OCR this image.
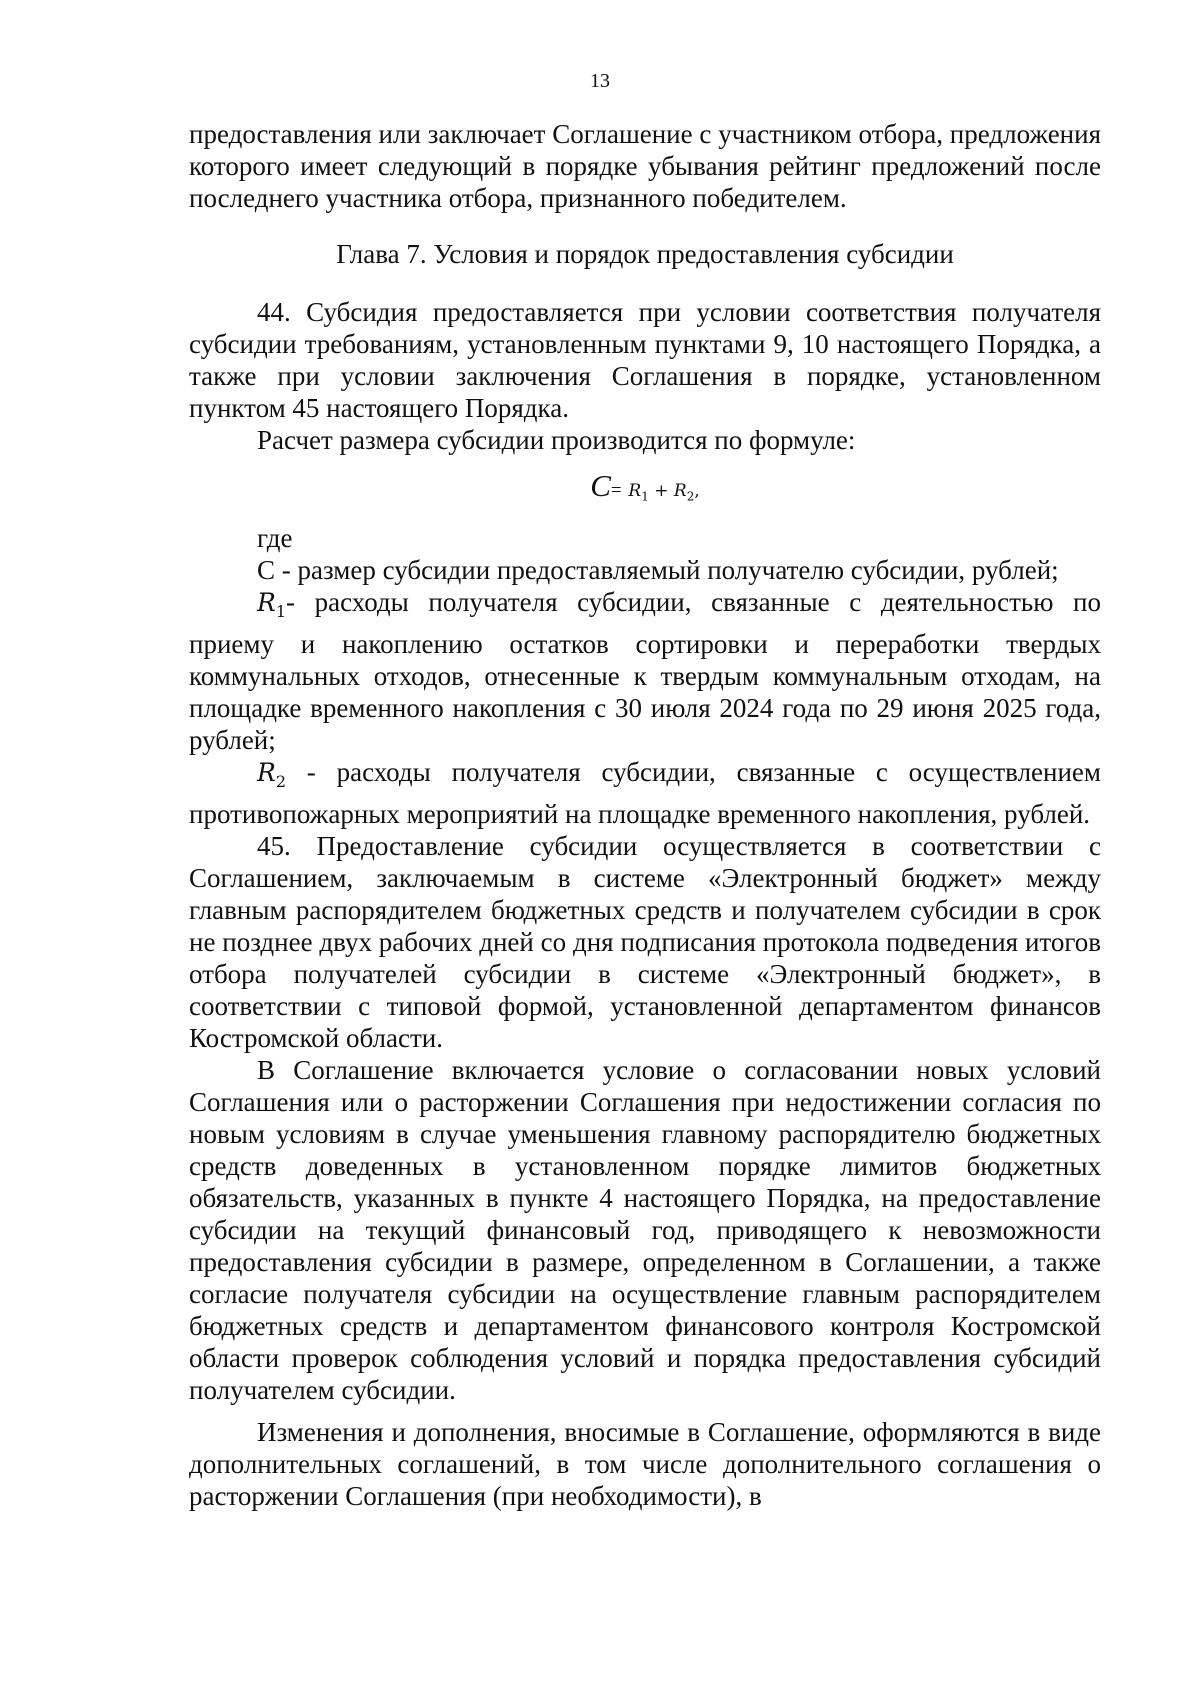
13

предоставления или заключает Соглашение с участником отбора, предложения которого имеет следующий в порядке убывания рейтинг предложений после последнего участника отбора, признанного победителем.

Глава 7. Условия и порядок предоставления субсидии

44. Субсидия предоставляется при условии соответствия получателя субсидии требованиям, установленным пунктами 9, 10 настоящего Порядка, а также при условии заключения Соглашения в порядке, установленном пунктом 45 настоящего Порядка.

Расчет размера субсидии производится по формуле:

$C= R_1 + R_2$,

где

С - размер субсидии предоставляемый получателю субсидии, рублей;

$R_1-$ расходы получателя субсидии, связанные с деятельностью по приему и накоплению остатков сортировки и переработки твердых коммунальных отходов, отнесенные к твердым коммунальным отходам, на площадке временного накопления с 30 июля 2024 года по 29 июня 2025 года, рублей;

$R_2$ - расходы получателя субсидии, связанные с осуществлением противопожарных мероприятий на площадке временного накопления, рублей.

45. Предоставление субсидии осуществляется в соответствии с Соглашением, заключаемым в системе «Электронный бюджет» между главным распорядителем бюджетных средств и получателем субсидии в срок не позднее двух рабочих дней со дня подписания протокола подведения итогов отбора получателей субсидии в системе «Электронный бюджет», в соответствии с типовой формой, установленной департаментом финансов Костромской области.

В Соглашение включается условие о согласовании новых условий Соглашения или о расторжении Соглашения при недостижении согласия по новым условиям в случае уменьшения главному распорядителю бюджетных средств доведенных в установленном порядке лимитов бюджетных обязательств, указанных в пункте 4 настоящего Порядка, на предоставление субсидии на текущий финансовый год, приводящего к невозможности предоставления субсидии в размере, определенном в Соглашении, а также согласие получателя субсидии на осуществление главным распорядителем бюджетных средств и департаментом финансового контроля Костромской области проверок соблюдения условий и порядка предоставления субсидий получателем субсидии.

Изменения и дополнения, вносимые в Соглашение, оформляются в виде дополнительных соглашений, в том числе дополнительного соглашения о расторжении Соглашения (при необходимости), в
